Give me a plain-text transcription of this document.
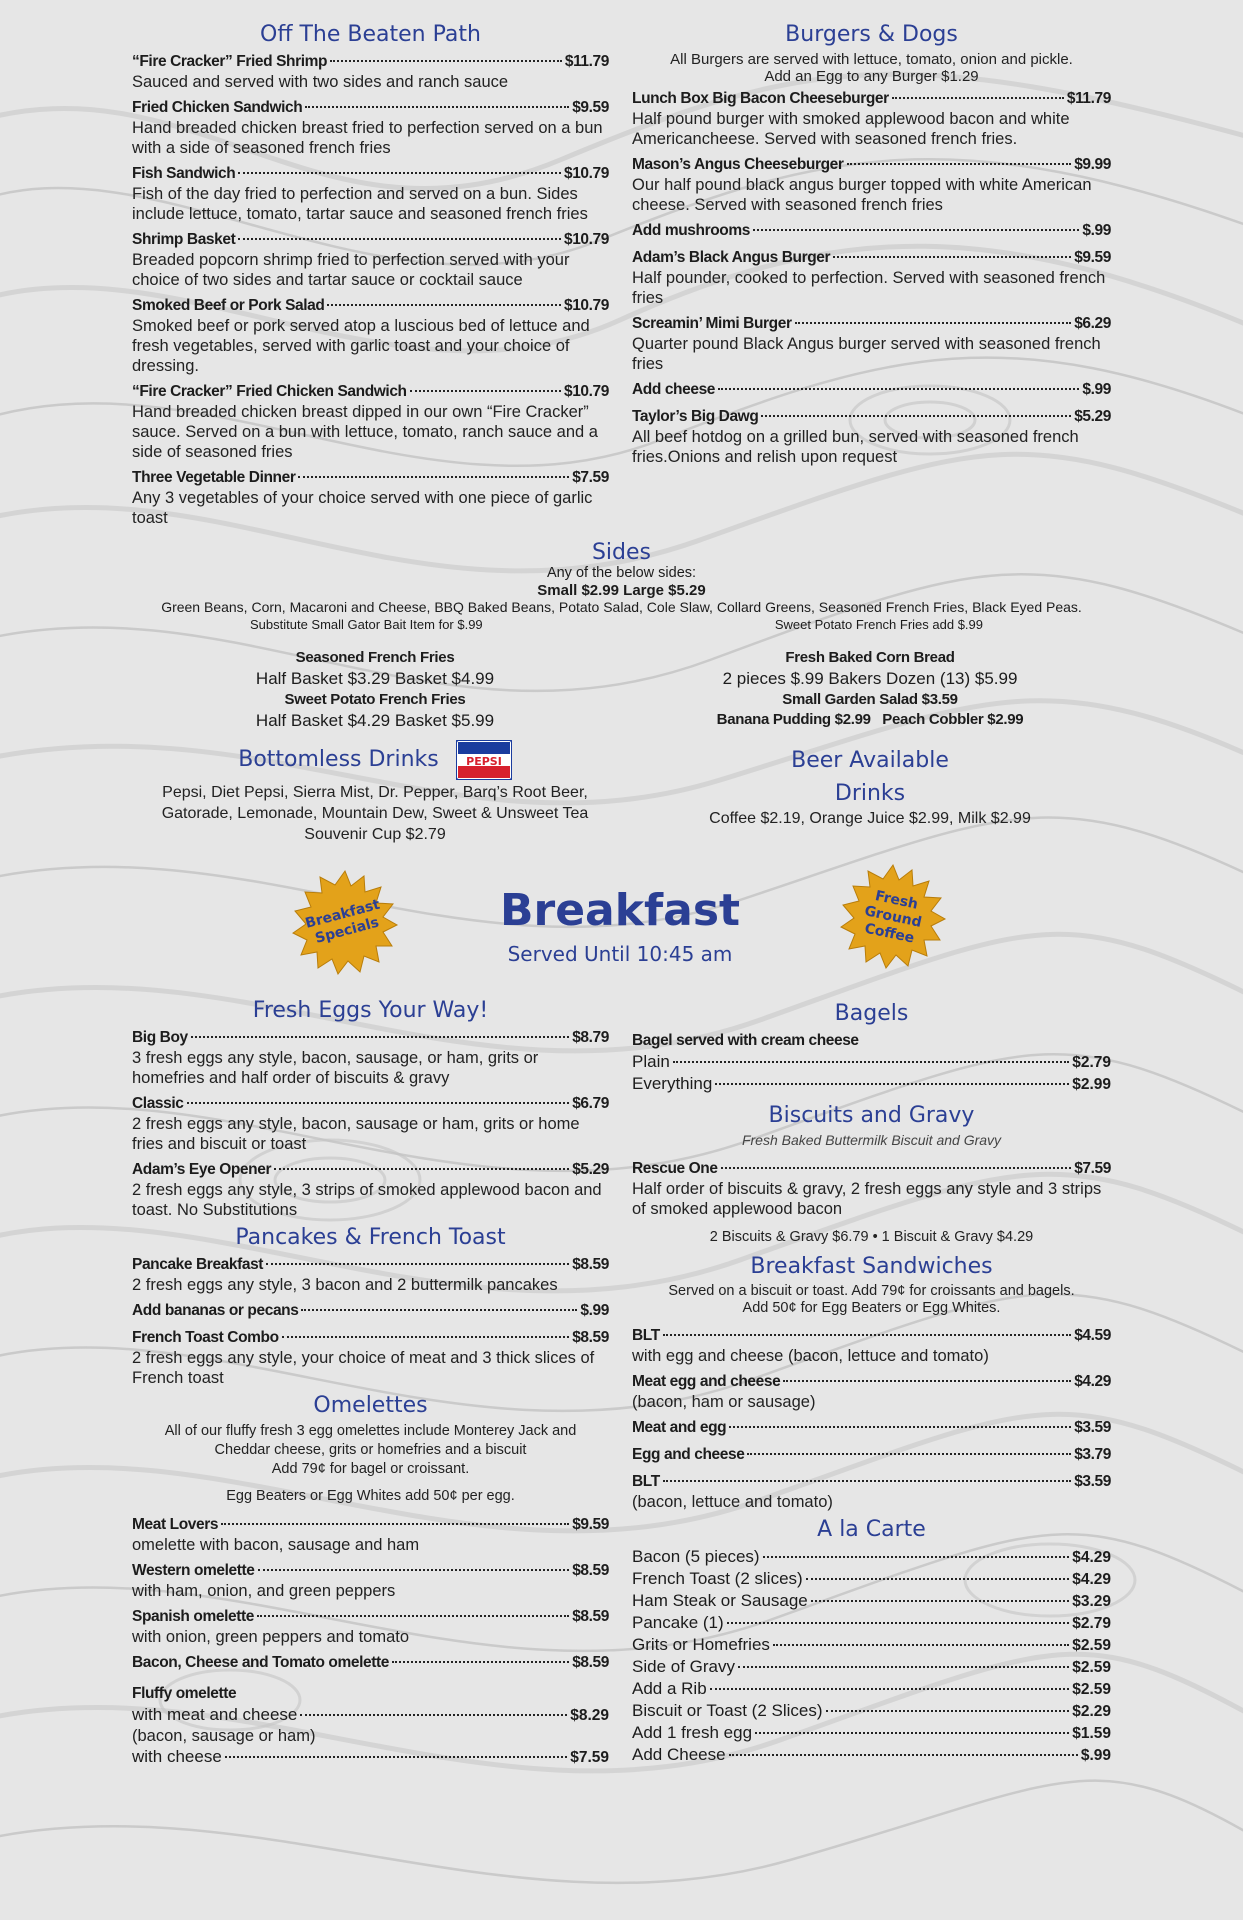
Off The Beaten Path
“Fire Cracker” Fried Shrimp	$11.79
Sauced and served with two sides and ranch sauce
Fried Chicken Sandwich	$9.59
Hand breaded chicken breast fried to perfection served on a bun with a side of seasoned french fries
Fish Sandwich	$10.79
Fish of the day fried to perfection and served on a bun. Sides include lettuce, tomato, tartar sauce and seasoned french fries
Shrimp Basket	$10.79
Breaded popcorn shrimp fried to perfection served with your choice of two sides and tartar sauce or cocktail sauce
Smoked Beef or Pork Salad	$10.79
Smoked beef or pork served atop a luscious bed of lettuce and fresh vegetables, served with garlic toast and your choice of dressing.
“Fire Cracker” Fried Chicken Sandwich	$10.79
Hand breaded chicken breast dipped in our own “Fire Cracker” sauce. Served on a bun with lettuce, tomato, ranch sauce and a side of seasoned fries
Three Vegetable Dinner	$7.59
Any 3 vegetables of your choice served with one piece of garlic toast
Burgers & Dogs
All Burgers are served with lettuce, tomato, onion and pickle.
Add an Egg to any Burger $1.29
Lunch Box Big Bacon Cheeseburger	$11.79
Half pound burger with smoked applewood bacon and white Americancheese. Served with seasoned french fries.
Mason’s Angus Cheeseburger	$9.99
Our half pound black angus burger topped with white American cheese. Served with seasoned french fries
Add mushrooms	$.99
Adam’s Black Angus Burger	$9.59
Half pounder, cooked to perfection. Served with seasoned french fries
Screamin’ Mimi Burger	$6.29
Quarter pound Black Angus burger served with seasoned french fries
Add cheese	$.99
Taylor’s Big Dawg	$5.29
All beef hotdog on a grilled bun, served with seasoned french fries.Onions and relish upon request
Sides
Any of the below sides:
Small $2.99 Large $5.29
Green Beans, Corn, Macaroni and Cheese, BBQ Baked Beans, Potato Salad, Cole Slaw, Collard Greens, Seasoned French Fries, Black Eyed Peas.
Substitute Small Gator Bait Item for $.99	Sweet Potato French Fries add $.99
Seasoned French Fries
Half Basket $3.29 Basket $4.99
Sweet Potato French Fries
Half Basket $4.29 Basket $5.99
Fresh Baked Corn Bread
2 pieces $.99 Bakers Dozen (13) $5.99
Small Garden Salad $3.59
Banana Pudding $2.99   Peach Cobbler $2.99
Bottomless Drinks PEPSI
Pepsi, Diet Pepsi, Sierra Mist, Dr. Pepper, Barq’s Root Beer,
Gatorade, Lemonade, Mountain Dew, Sweet & Unsweet Tea
Souvenir Cup $2.79
Beer Available
Drinks
Coffee $2.19, Orange Juice $2.99, Milk $2.99
Breakfast Specials	Breakfast
Served Until 10:45 am
Fresh Ground Coffee
Fresh Eggs Your Way!
Big Boy	$8.79
3 fresh eggs any style, bacon, sausage, or ham, grits or homefries and half order of biscuits & gravy
Classic	$6.79
2 fresh eggs any style, bacon, sausage or ham, grits or home fries and biscuit or toast
Adam’s Eye Opener	$5.29
2 fresh eggs any style, 3 strips of smoked applewood bacon and toast. No Substitutions
Pancakes & French Toast
Pancake Breakfast	$8.59
2 fresh eggs any style, 3 bacon and 2 buttermilk pancakes
Add bananas or pecans	$.99
French Toast Combo	$8.59
2 fresh eggs any style, your choice of meat and 3 thick slices of French toast
Omelettes
All of our fluffy fresh 3 egg omelettes include Monterey Jack and
Cheddar cheese, grits or homefries and a biscuit
Add 79¢ for bagel or croissant.
Egg Beaters or Egg Whites add 50¢ per egg.
Meat Lovers	$9.59
omelette with bacon, sausage and ham
Western omelette	$8.59
with ham, onion, and green peppers
Spanish omelette	$8.59
with onion, green peppers and tomato
Bacon, Cheese and Tomato omelette	$8.59
Fluffy omelette
with meat and cheese	$8.29
(bacon, sausage or ham)
with cheese	$7.59
Bagels
Bagel served with cream cheese
Plain	$2.79
Everything	$2.99
Biscuits and Gravy
Fresh Baked Buttermilk Biscuit and Gravy
Rescue One	$7.59
Half order of biscuits & gravy, 2 fresh eggs any style and 3 strips of smoked applewood bacon
2 Biscuits & Gravy $6.79 • 1 Biscuit & Gravy $4.29
Breakfast Sandwiches
Served on a biscuit or toast. Add 79¢ for croissants and bagels.
Add 50¢ for Egg Beaters or Egg Whites.
BLT	$4.59
with egg and cheese (bacon, lettuce and tomato)
Meat egg and cheese	$4.29
(bacon, ham or sausage)
Meat and egg	$3.59
Egg and cheese	$3.79
BLT	$3.59
(bacon, lettuce and tomato)
A la Carte
Bacon (5 pieces)	$4.29
French Toast (2 slices)	$4.29
Ham Steak or Sausage	$3.29
Pancake (1)	$2.79
Grits or Homefries	$2.59
Side of Gravy	$2.59
Add a Rib	$2.59
Biscuit or Toast (2 Slices)	$2.29
Add 1 fresh egg	$1.59
Add Cheese	$.99
